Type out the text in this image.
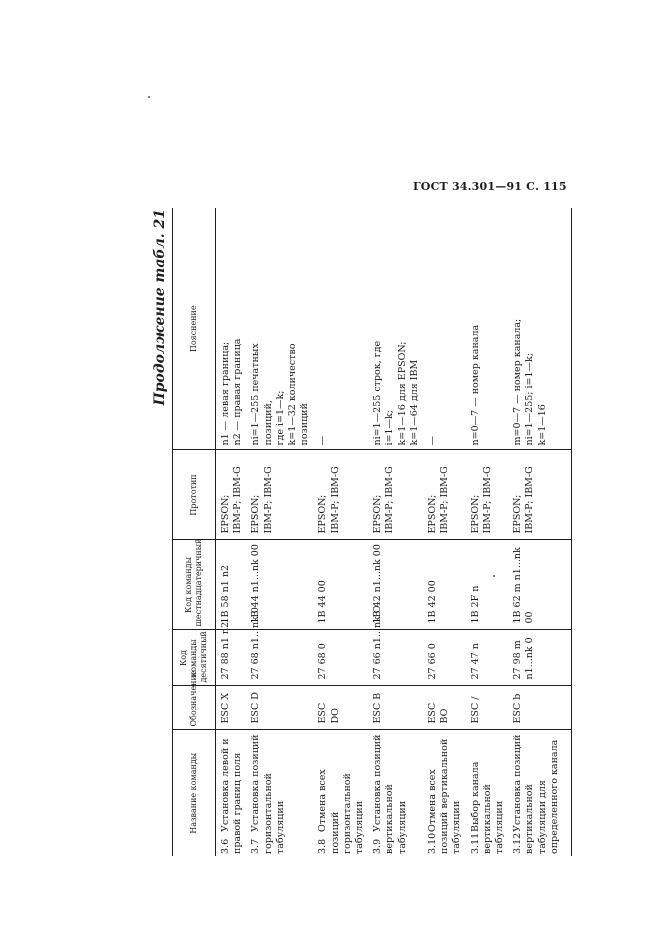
ГОСТ 34.301—91 С. 115
Продолжение табл. 21
Название команды	Обозначение	Код команды десятичный	Код команды шестнадцатеричный	Прототип	Пояснение
3.6Установка левой и правой границ поля	ESC X	27 88 n1 n2	1B 58 n1 n2	EPSON; IBM-P; IBM-G	n1 — левая граница; n2 — правая граница

3.7Установка позиций горизонтальной табуляции	ESC D	27 68 n1...nk 0	1B 44 n1...nk 00	EPSON; IBM-P; IBM-G	ni=1—255 печатных позиций, где i=1—k; k=1—32 количество позиций

3.8Отмена всех позиций горизонтальной табуляции	ESC DO	27 68 0	1B 44 00	EPSON; IBM-P; IBM-G	—

3.9Установка позиций вертикальной табуляции	ESC B	27 66 n1...nk O	1B 42 n1...nk 00	EPSON; IBM-P; IBM-G	ni=1—255 строк, где i=1—k; k=1—16 для EPSON; k=1—64 для IBM

3.10Отмена всех позиций вертикальной табуляции	ESC BO	27 66 0	1B 42 00	EPSON; IBM-P; IBM-G	—

3.11Выбор канала вертикальной табуляции	ESC /	27 47 n	1B 2F n	EPSON; IBM-P; IBM-G	n=0—7 — номер канала

3.12Установка позиций вертикальной табуляции для определенного канала	ESC b	27 98 m n1...nk 0	1B 62 m n1...nk 00	EPSON; IBM-P; IBM-G	m=0—7 — номер канала; ni=1—255; i=1—k; k=1—16
